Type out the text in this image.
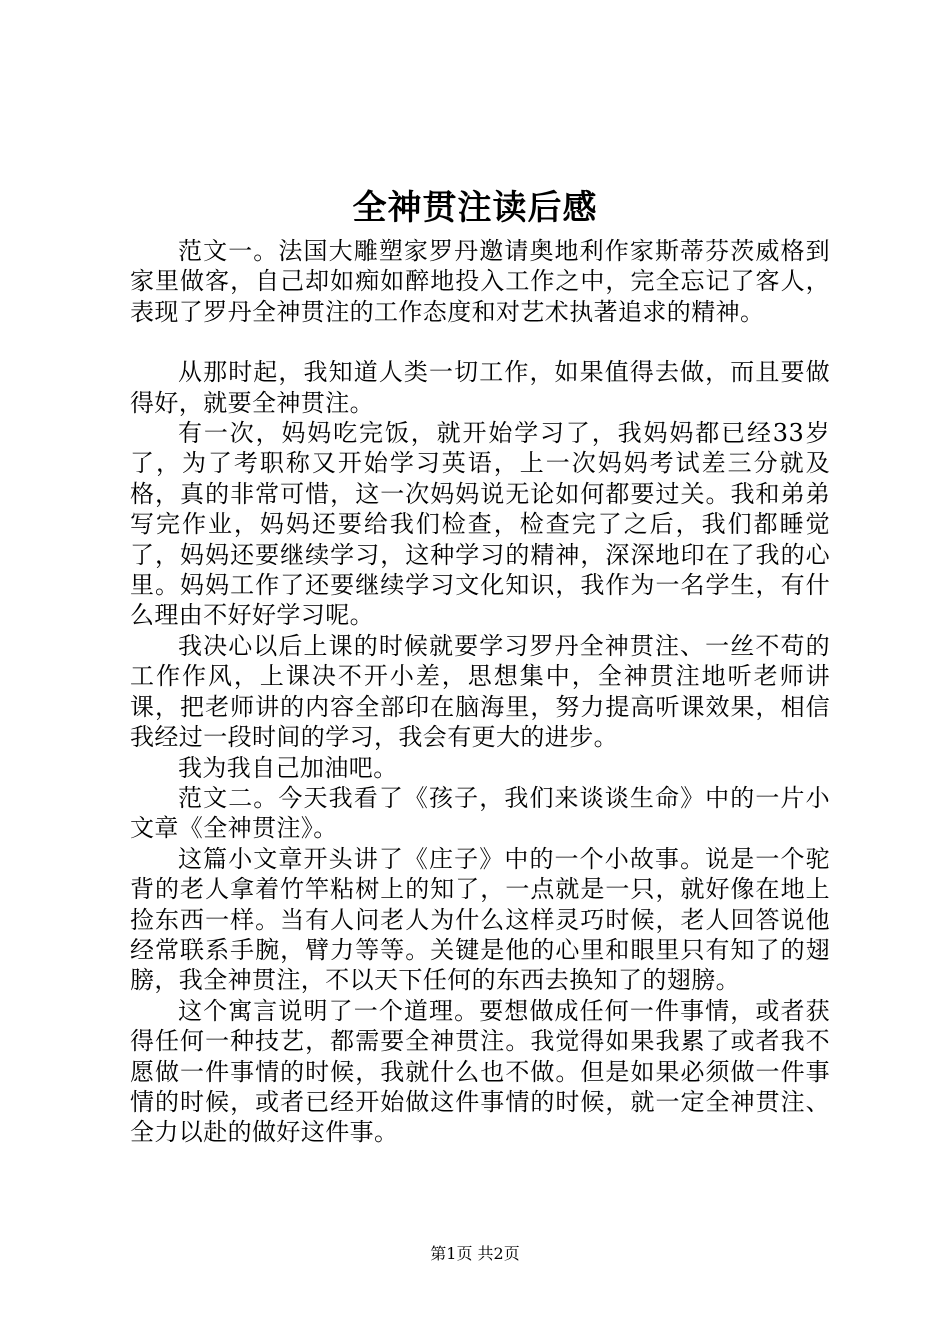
全神贯注读后感

范文一。法国大雕塑家罗丹邀请奥地利作家斯蒂芬茨威格到家里做客，自己却如痴如醉地投入工作之中，完全忘记了客人，表现了罗丹全神贯注的工作态度和对艺术执著追求的精神。

从那时起，我知道人类一切工作，如果值得去做，而且要做得好，就要全神贯注。

有一次，妈妈吃完饭，就开始学习了，我妈妈都已经33岁了，为了考职称又开始学习英语，上一次妈妈考试差三分就及格，真的非常可惜，这一次妈妈说无论如何都要过关。我和弟弟写完作业，妈妈还要给我们检查，检查完了之后，我们都睡觉了，妈妈还要继续学习，这种学习的精神，深深地印在了我的心里。妈妈工作了还要继续学习文化知识，我作为一名学生，有什么理由不好好学习呢。

我决心以后上课的时候就要学习罗丹全神贯注、一丝不苟的工作作风，上课决不开小差，思想集中，全神贯注地听老师讲课，把老师讲的内容全部印在脑海里，努力提高听课效果，相信我经过一段时间的学习，我会有更大的进步。

我为我自己加油吧。

范文二。今天我看了《孩子，我们来谈谈生命》中的一片小文章《全神贯注》。

这篇小文章开头讲了《庄子》中的一个小故事。说是一个驼背的老人拿着竹竿粘树上的知了，一点就是一只，就好像在地上捡东西一样。当有人问老人为什么这样灵巧时候，老人回答说他经常联系手腕，臂力等等。关键是他的心里和眼里只有知了的翅膀，我全神贯注，不以天下任何的东西去换知了的翅膀。

这个寓言说明了一个道理。要想做成任何一件事情，或者获得任何一种技艺，都需要全神贯注。我觉得如果我累了或者我不愿做一件事情的时候，我就什么也不做。但是如果必须做一件事情的时候，或者已经开始做这件事情的时候，就一定全神贯注、全力以赴的做好这件事。

第1页 共2页
